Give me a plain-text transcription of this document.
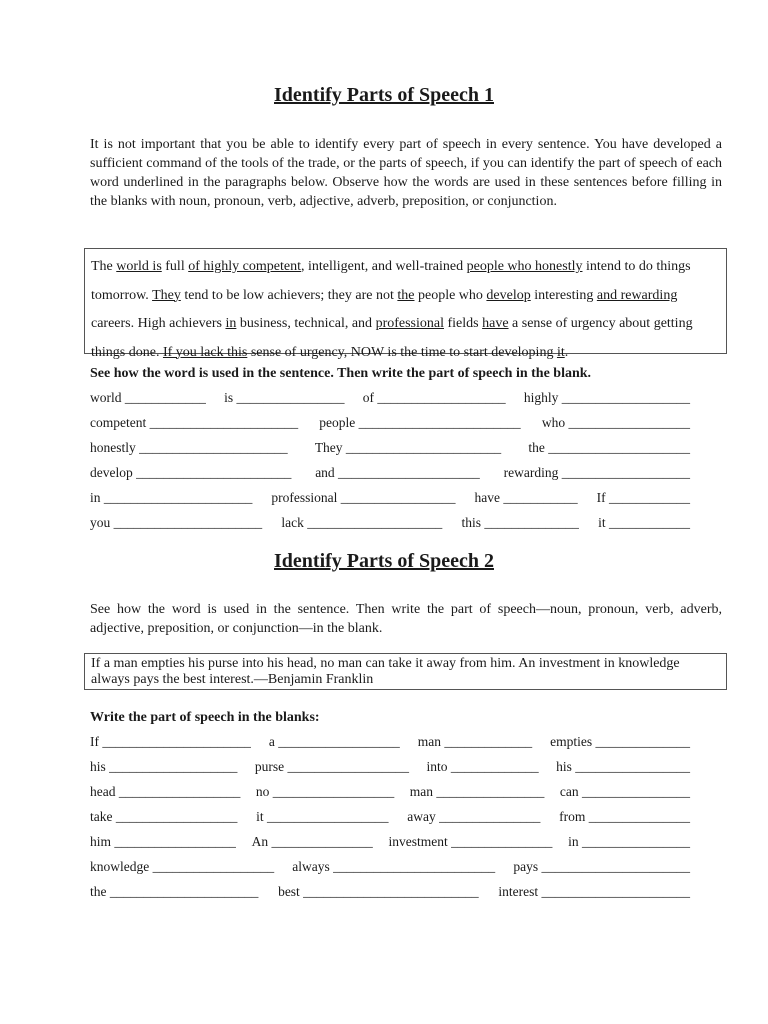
Identify Parts of Speech 1

It is not important that you be able to identify every part of speech in every sentence. You have developed a sufficient command of the tools of the trade, or the parts of speech, if you can identify the part of speech of each word underlined in the paragraphs below. Observe how the words are used in these sentences before filling in the blanks with noun, pronoun, verb, adjective, adverb, preposition, or conjunction.

The world is full of highly competent, intelligent, and well-trained people who honestly intend to do things tomorrow. They tend to be low achievers; they are not the people who develop interesting and rewarding careers. High achievers in business, technical, and professional fields have a sense of urgency about getting things done. If you lack this sense of urgency, NOW is the time to start developing it.
See how the word is used in the sentence. Then write the part of speech in the blank.
world ____________ is ________________ of ___________________ highly ___________________
competent ______________________ people ________________________ who __________________
honestly ______________________ They _______________________ the _____________________
develop _______________________ and _____________________ rewarding ___________________
in ______________________ professional _________________ have ___________ If ____________
you ______________________ lack ____________________ this ______________ it ____________
Identify Parts of Speech 2

See how the word is used in the sentence. Then write the part of speech—noun, pronoun, verb, adverb, adjective, preposition, or conjunction—in the blank.

If a man empties his purse into his head, no man can take it away from him. An investment in knowledge always pays the best interest.—Benjamin Franklin
Write the part of speech in the blanks:
If ______________________ a __________________ man _____________ empties ______________
his ___________________ purse __________________ into _____________ his _________________
head __________________ no __________________ man ________________ can ________________
take __________________ it __________________ away _______________ from _______________
him __________________ An _______________ investment _______________ in ________________
knowledge __________________ always ________________________ pays ______________________
the ______________________ best __________________________ interest ______________________
